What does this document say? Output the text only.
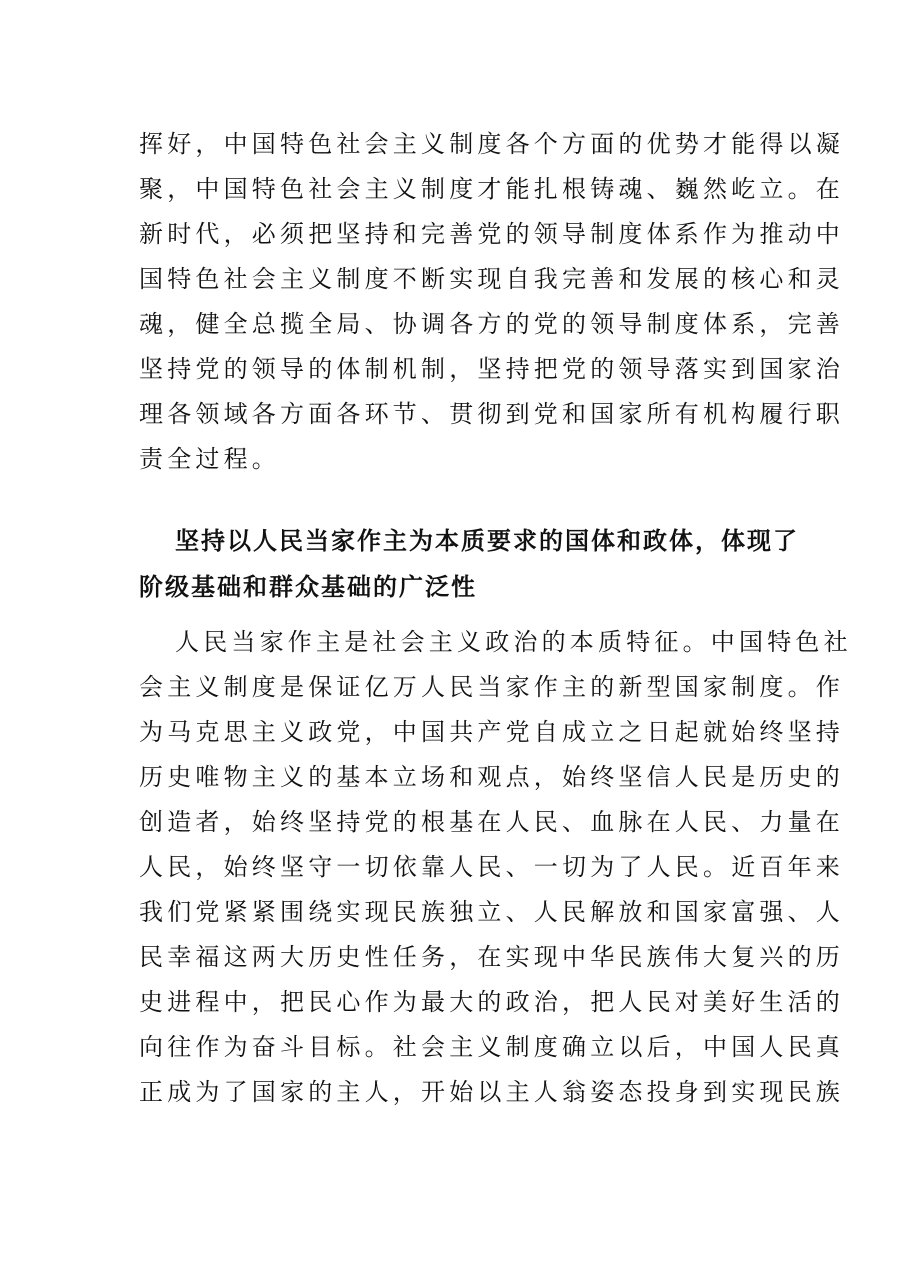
挥好，中国特色社会主义制度各个方面的优势才能得以凝
聚，中国特色社会主义制度才能扎根铸魂、巍然屹立。在
新时代，必须把坚持和完善党的领导制度体系作为推动中
国特色社会主义制度不断实现自我完善和发展的核心和灵
魂，健全总揽全局、协调各方的党的领导制度体系，完善
坚持党的领导的体制机制，坚持把党的领导落实到国家治
理各领域各方面各环节、贯彻到党和国家所有机构履行职
责全过程。
坚持以人民当家作主为本质要求的国体和政体，体现了
阶级基础和群众基础的广泛性
人民当家作主是社会主义政治的本质特征。中国特色社
会主义制度是保证亿万人民当家作主的新型国家制度。作
为马克思主义政党，中国共产党自成立之日起就始终坚持
历史唯物主义的基本立场和观点，始终坚信人民是历史的
创造者，始终坚持党的根基在人民、血脉在人民、力量在
人民，始终坚守一切依靠人民、一切为了人民。近百年来
我们党紧紧围绕实现民族独立、人民解放和国家富强、人
民幸福这两大历史性任务，在实现中华民族伟大复兴的历
史进程中，把民心作为最大的政治，把人民对美好生活的
向往作为奋斗目标。社会主义制度确立以后，中国人民真
正成为了国家的主人，开始以主人翁姿态投身到实现民族
